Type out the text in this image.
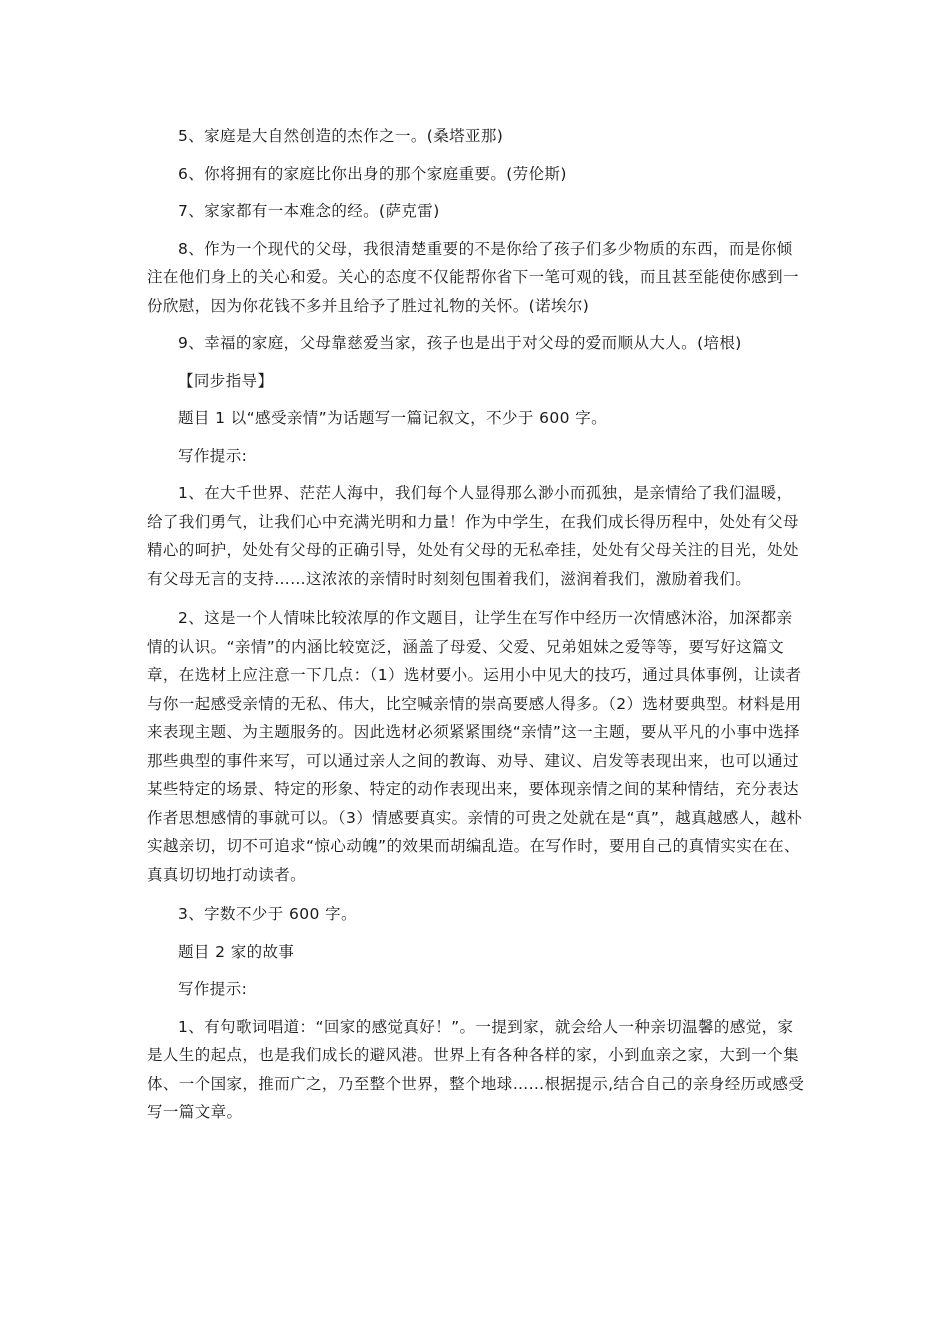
5、家庭是大自然创造的杰作之一。(桑塔亚那)

6、你将拥有的家庭比你出身的那个家庭重要。(劳伦斯)

7、家家都有一本难念的经。(萨克雷)

8、作为一个现代的父母，我很清楚重要的不是你给了孩子们多少物质的东西，而是你倾注在他们身上的关心和爱。关心的态度不仅能帮你省下一笔可观的钱，而且甚至能使你感到一份欣慰，因为你花钱不多并且给予了胜过礼物的关怀。(诺埃尔)

9、幸福的家庭，父母靠慈爱当家，孩子也是出于对父母的爱而顺从大人。(培根)

【同步指导】

题目 1 以“感受亲情”为话题写一篇记叙文，不少于 600 字。

写作提示:

1、在大千世界、茫茫人海中，我们每个人显得那么渺小而孤独，是亲情给了我们温暖，给了我们勇气，让我们心中充满光明和力量！作为中学生，在我们成长得历程中，处处有父母精心的呵护，处处有父母的正确引导，处处有父母的无私牵挂，处处有父母关注的目光，处处有父母无言的支持……这浓浓的亲情时时刻刻包围着我们，滋润着我们，激励着我们。

2、这是一个人情味比较浓厚的作文题目，让学生在写作中经历一次情感沐浴，加深都亲情的认识。“亲情”的内涵比较宽泛，涵盖了母爱、父爱、兄弟姐妹之爱等等，要写好这篇文章，在选材上应注意一下几点：（1）选材要小。运用小中见大的技巧，通过具体事例，让读者与你一起感受亲情的无私、伟大，比空喊亲情的崇高要感人得多。（2）选材要典型。材料是用来表现主题、为主题服务的。因此选材必须紧紧围绕“亲情”这一主题，要从平凡的小事中选择那些典型的事件来写，可以通过亲人之间的教诲、劝导、建议、启发等表现出来，也可以通过某些特定的场景、特定的形象、特定的动作表现出来，要体现亲情之间的某种情结，充分表达作者思想感情的事就可以。（3）情感要真实。亲情的可贵之处就在是“真”，越真越感人，越朴实越亲切，切不可追求“惊心动魄”的效果而胡编乱造。在写作时，要用自己的真情实实在在、真真切切地打动读者。

3、字数不少于 600 字。

题目 2 家的故事

写作提示:

1、有句歌词唱道：“回家的感觉真好！”。一提到家，就会给人一种亲切温馨的感觉，家是人生的起点，也是我们成长的避风港。世界上有各种各样的家，小到血亲之家，大到一个集体、一个国家，推而广之，乃至整个世界，整个地球……根据提示,结合自己的亲身经历或感受写一篇文章。
